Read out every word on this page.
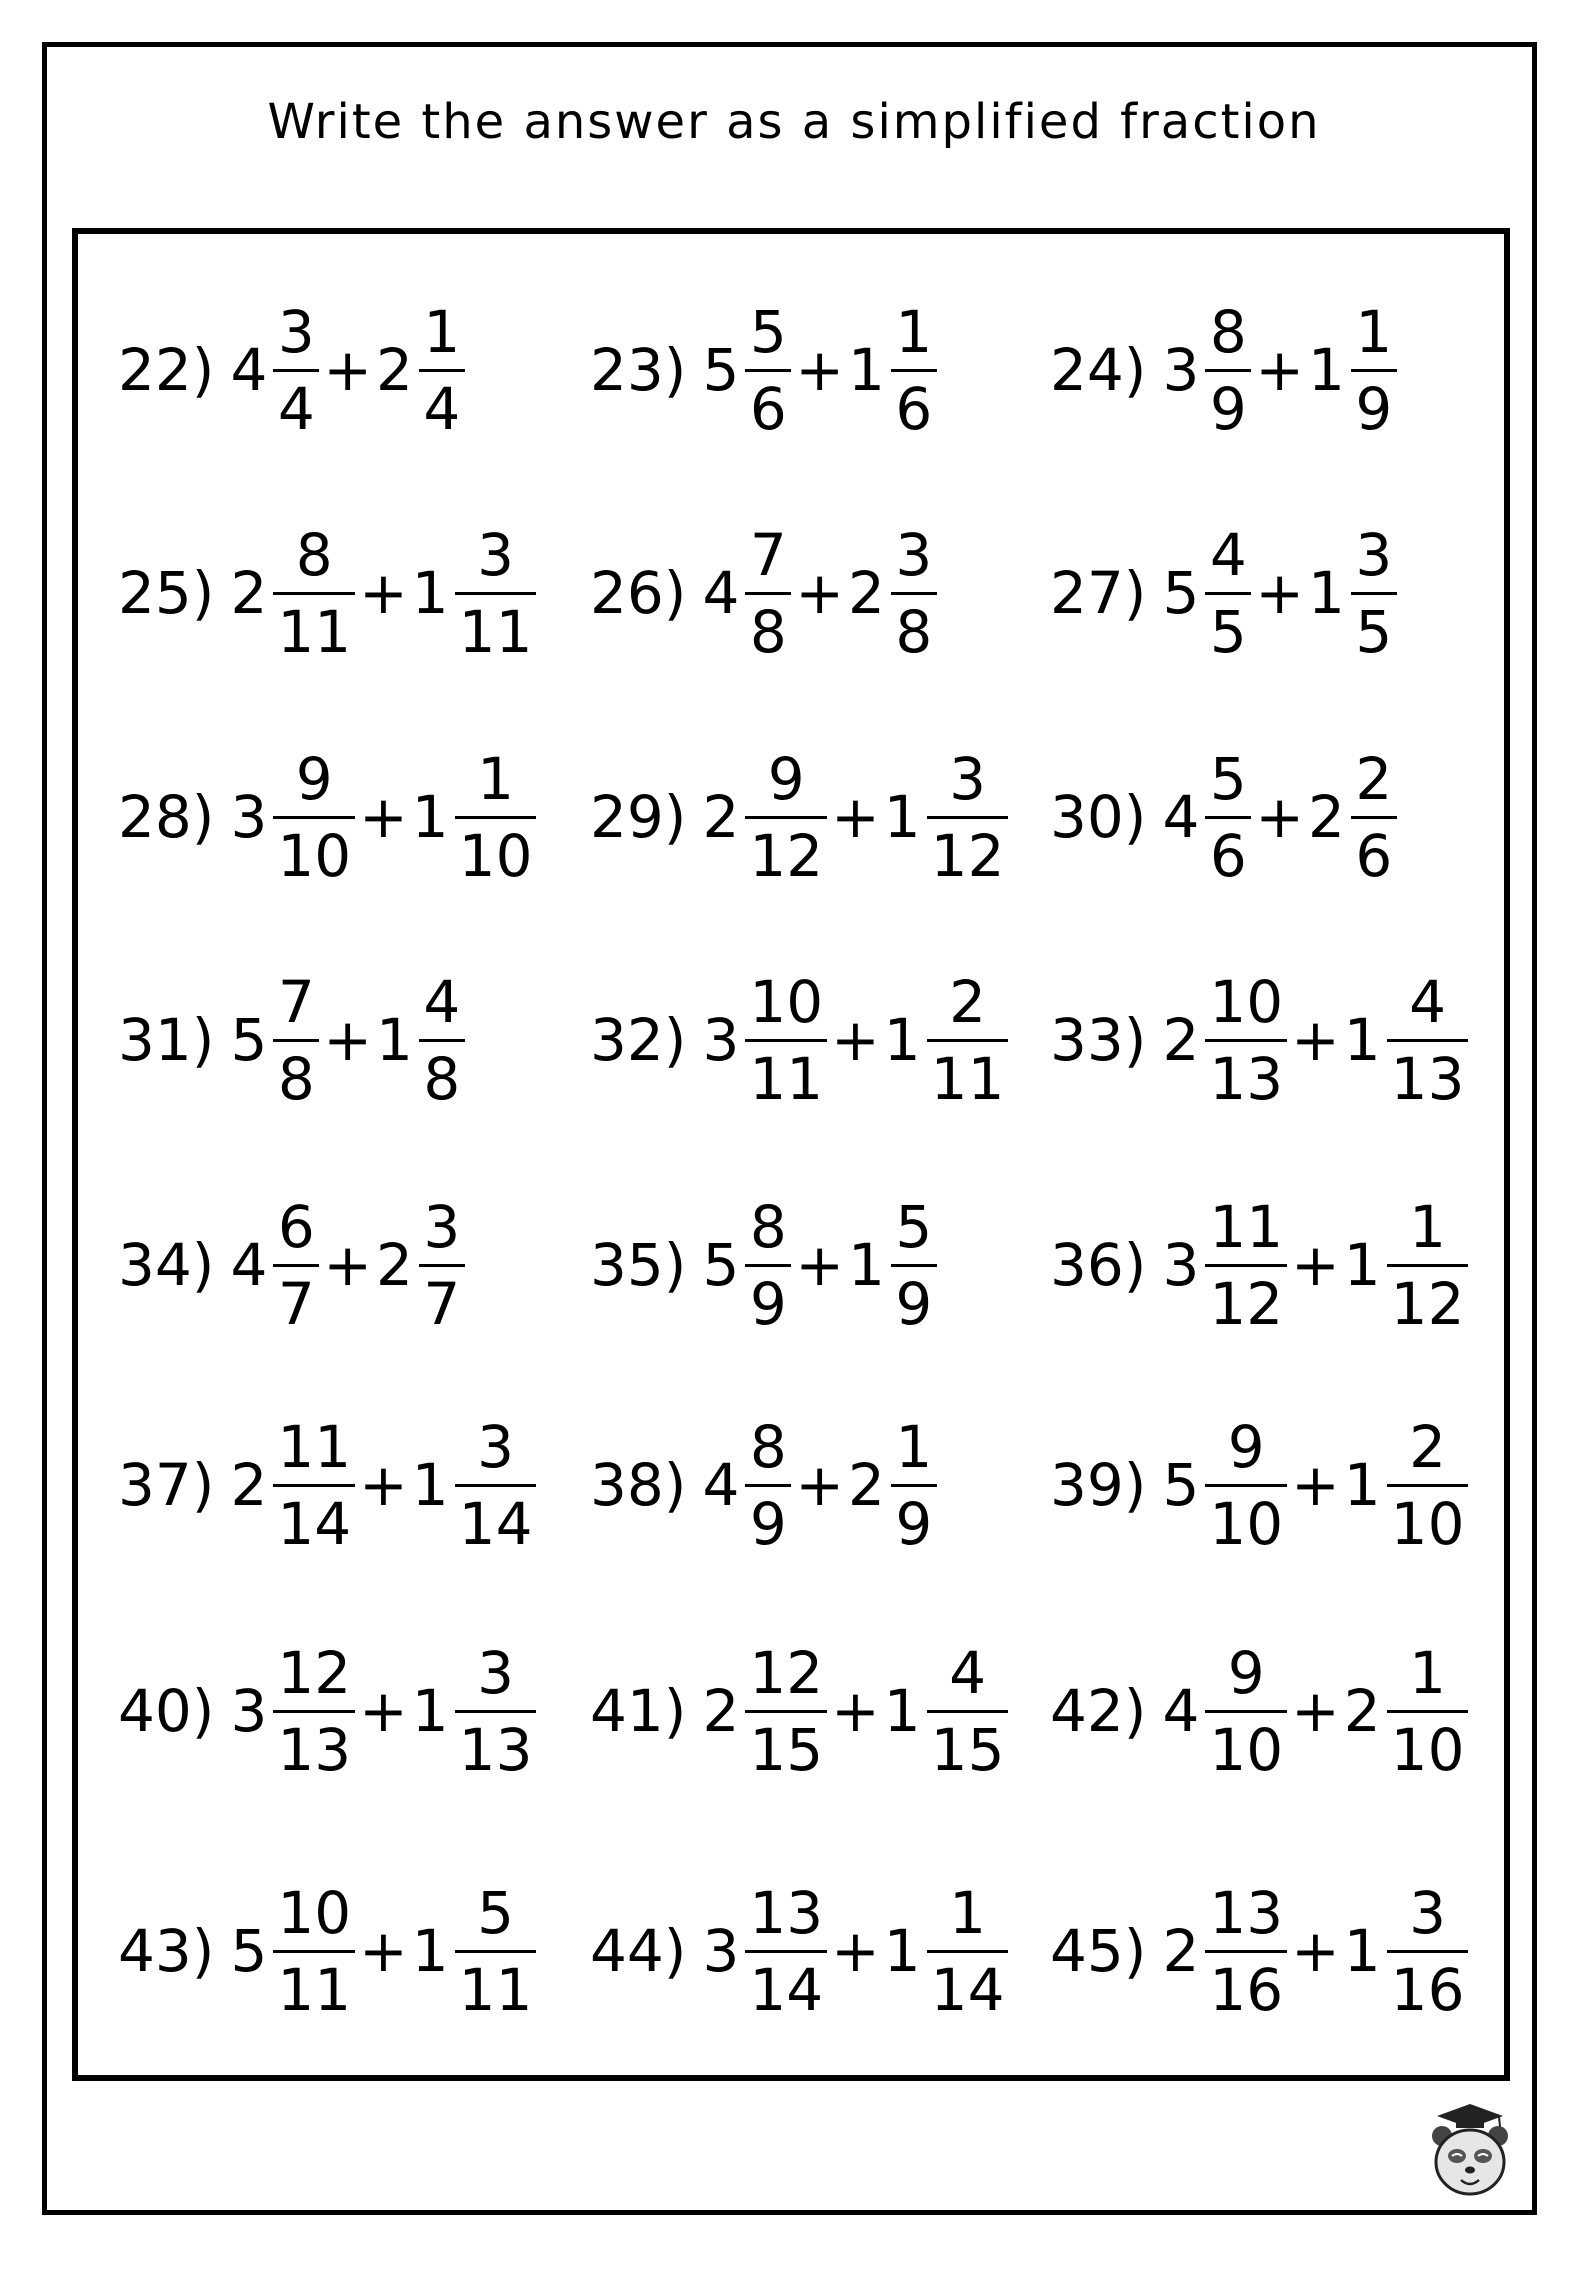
Write the answer as a simplified fraction
22) $4 \frac{3}{4} + 2 \frac{1}{4} 23$) $5 \frac{5}{6} + 1 \frac{1}{6} 24$) $3 \frac{8}{9} + 1 \frac{1}{9}$
25) $2 \frac{8}{11} + 1 \frac{3}{11} 26$) $4 \frac{7}{8} + 2 \frac{3}{8} 27$) $5 \frac{4}{5} + 1 \frac{3}{5}$
28) $3 \frac{9}{10} + 1 \frac{1}{10} 29$) $2 \frac{9}{12} + 1 \frac{3}{12} 30$) $4 \frac{5}{6} + 2 \frac{2}{6}$
31) $5 \frac{7}{8} + 1 \frac{4}{8} 32$) $3 \frac{10}{11} + 1 \frac{2}{11} 33$) $2 \frac{10}{13} + 1 \frac{4}{13}$
34) $4 \frac{6}{7} + 2 \frac{3}{7} 35$) $5 \frac{8}{9} + 1 \frac{5}{9} 36$) $3 \frac{11}{12} + 1 \frac{1}{12}$
37) $2 \frac{11}{14} + 1 \frac{3}{14} 38$) $4 \frac{8}{9} + 2 \frac{1}{9} 39$) $5 \frac{9}{10} + 1 \frac{2}{10}$
40) $3 \frac{12}{13} + 1 \frac{3}{13} 41$) $2 \frac{12}{15} + 1 \frac{4}{15} 42$) $4 \frac{9}{10} + 2 \frac{1}{10}$
43) $5 \frac{10}{11} + 1 \frac{5}{11} 44$) $3 \frac{13}{14} + 1 \frac{1}{14} 45$) $2 \frac{13}{16} + 1 \frac{3}{16}$
